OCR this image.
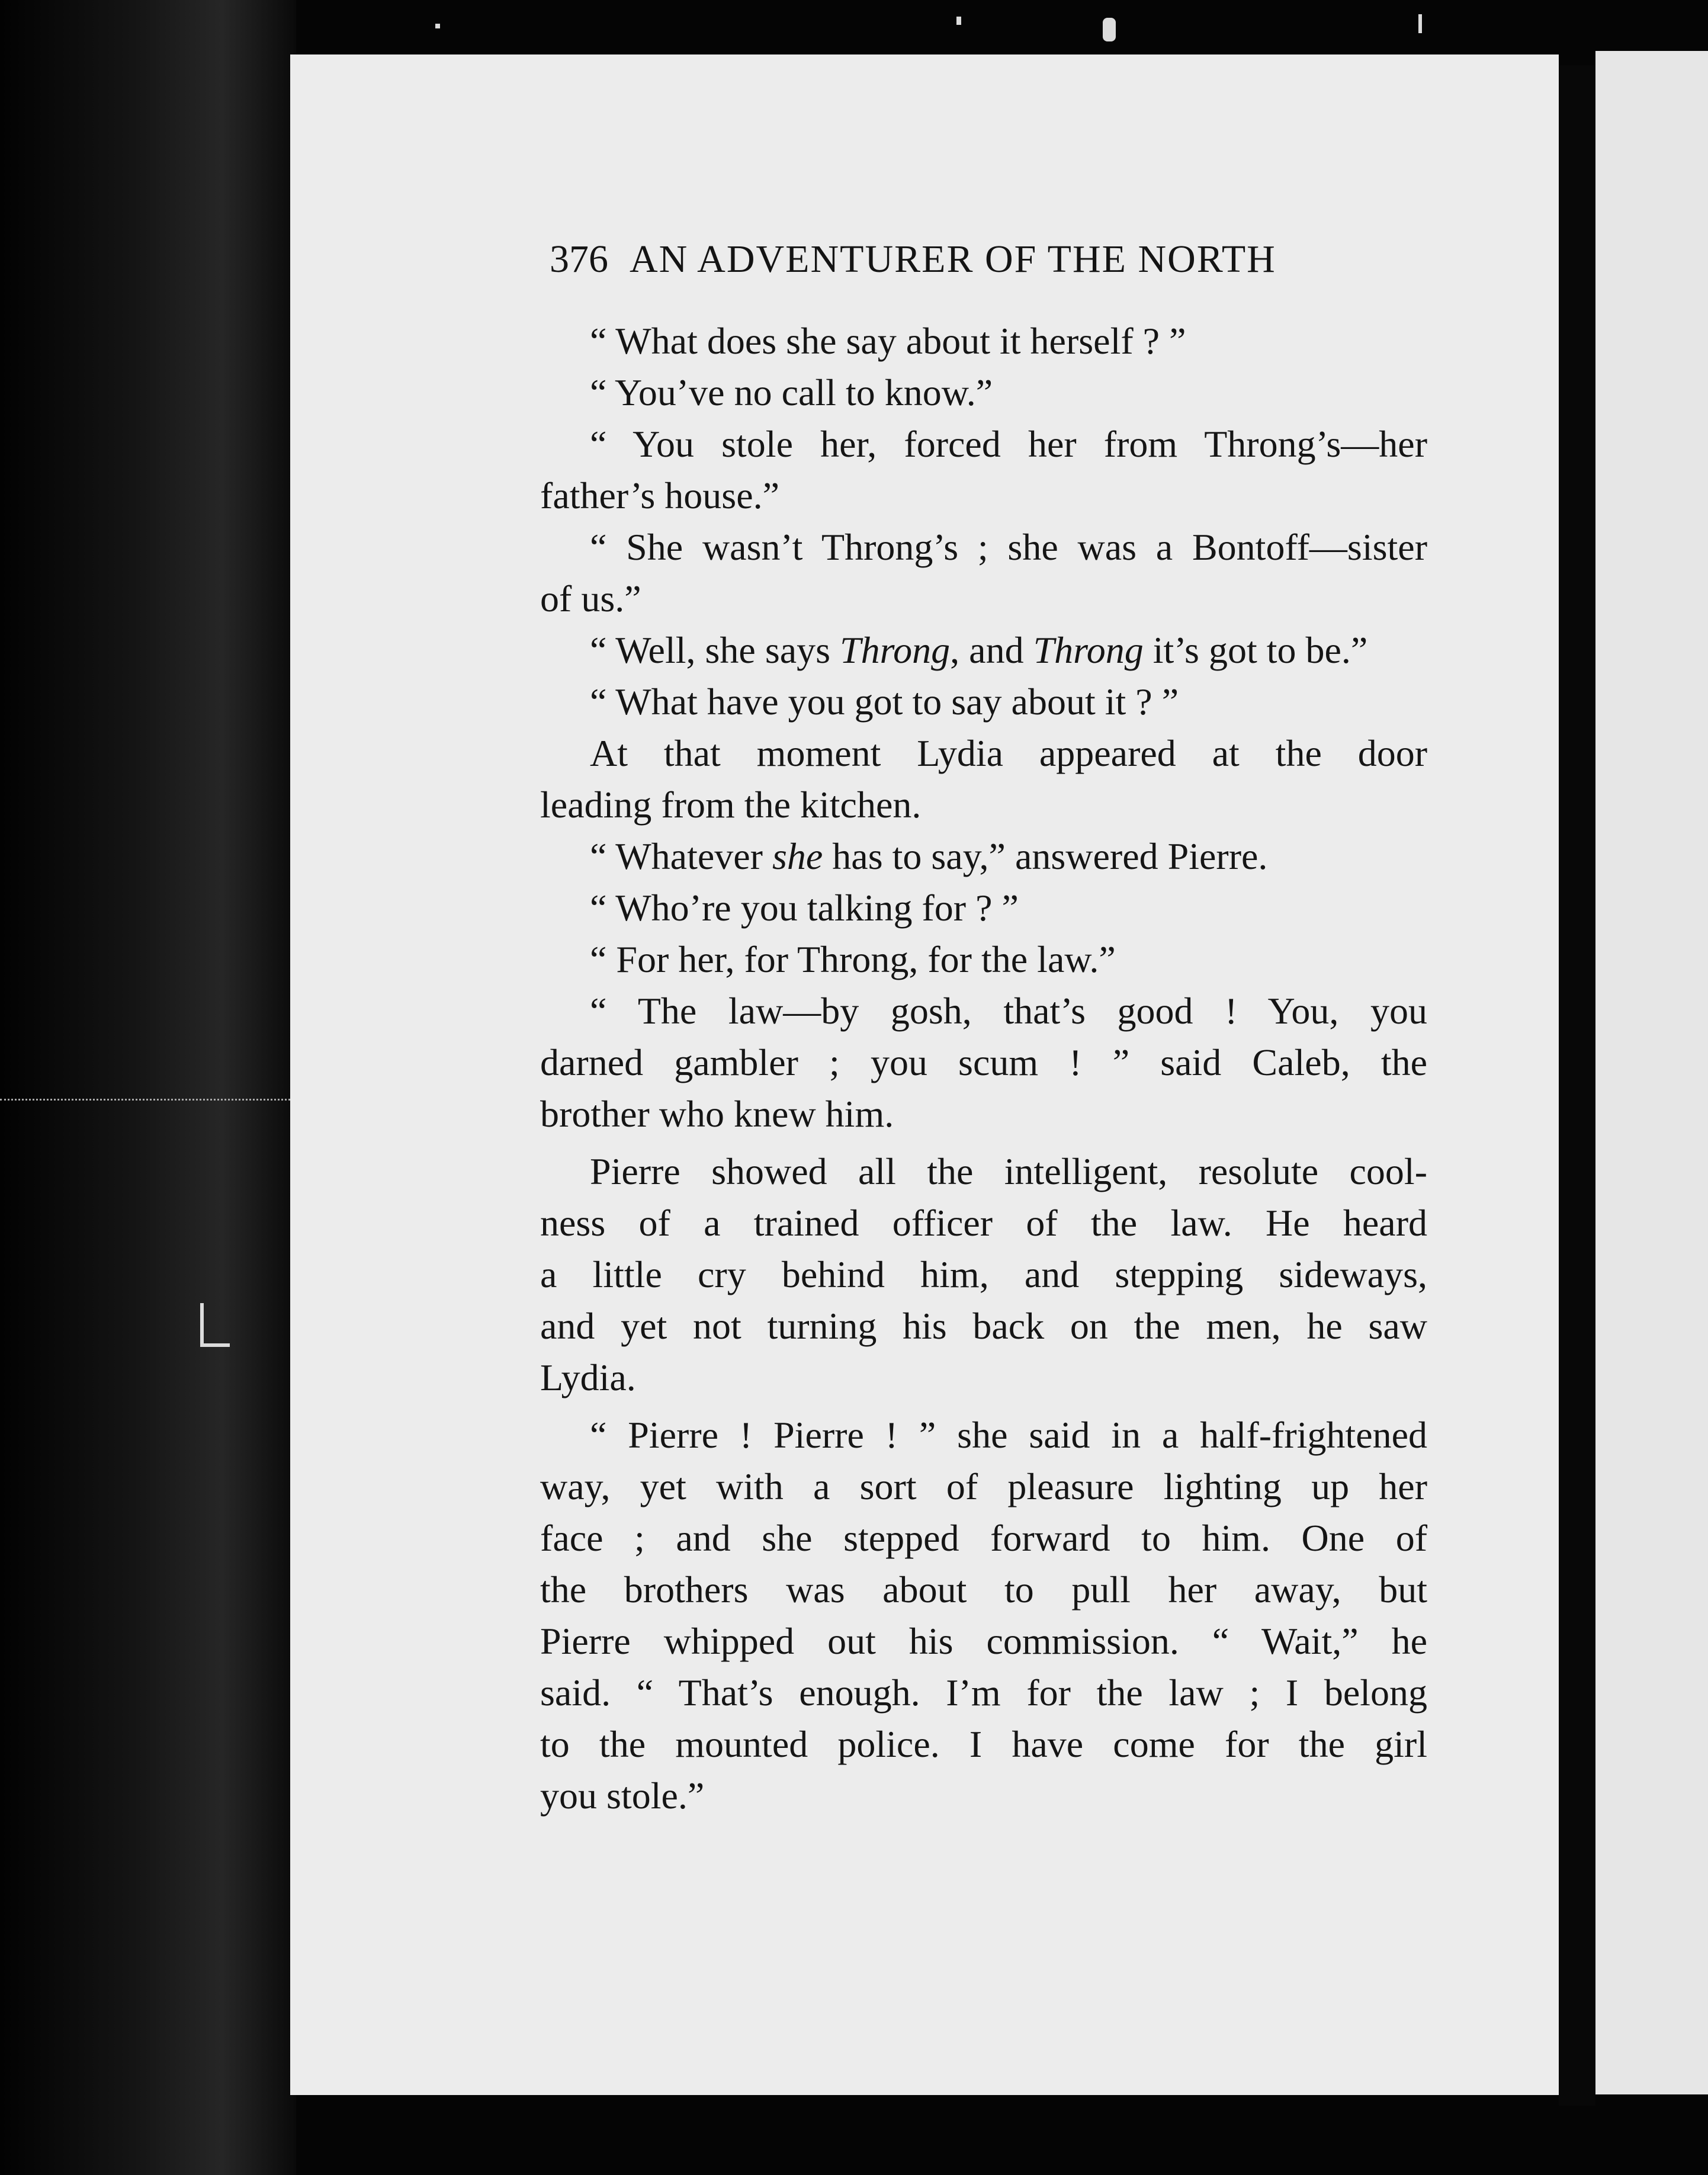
376 AN ADVENTURER OF THE NORTH
“ What does she say about it herself ? ”
“ You’ve no call to know.”
“ You stole her, forced her from Throng’s—her
father’s house.”
“ She wasn’t Throng’s ; she was a Bontoff—sister
of us.”
“ Well, she says Throng, and Throng it’s got to be.”
“ What have you got to say about it ? ”
At that moment Lydia appeared at the door
leading from the kitchen.
“ Whatever she has to say,” answered Pierre.
“ Who’re you talking for ? ”
“ For her, for Throng, for the law.”
“ The law—by gosh, that’s good ! You, you
darned gambler ; you scum ! ” said Caleb, the
brother who knew him.
Pierre showed all the intelligent, resolute cool-
ness of a trained officer of the law. He heard
a little cry behind him, and stepping sideways,
and yet not turning his back on the men, he saw
Lydia.
“ Pierre ! Pierre ! ” she said in a half-frightened
way, yet with a sort of pleasure lighting up her
face ; and she stepped forward to him. One of
the brothers was about to pull her away, but
Pierre whipped out his commission. “ Wait,” he
said. “ That’s enough. I’m for the law ; I belong
to the mounted police. I have come for the girl
you stole.”
